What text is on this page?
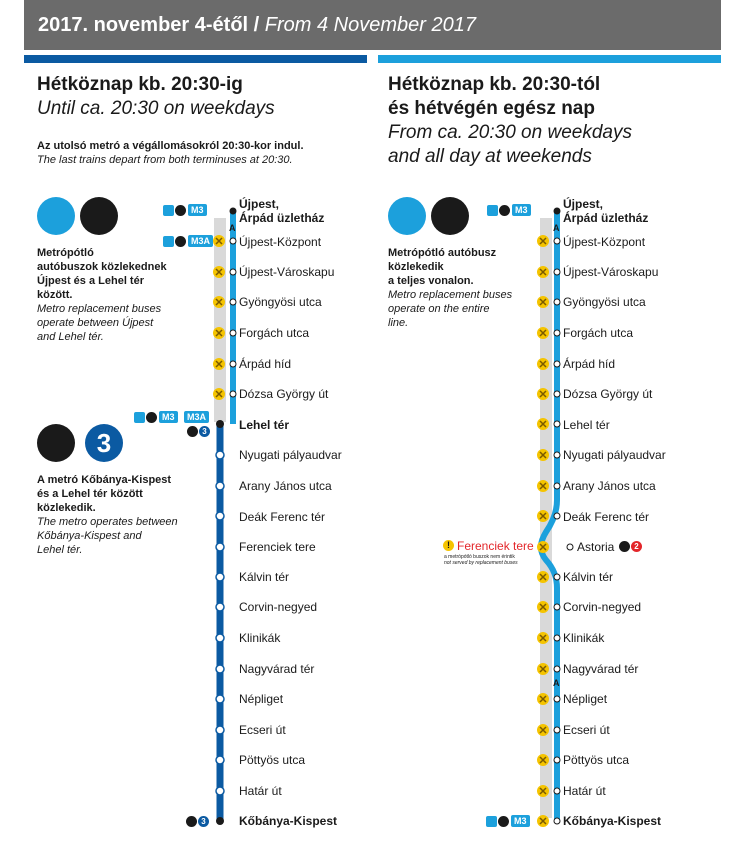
2017. november 4-étől / From 4 November 2017
Hétköznap kb. 20:30-ig
Until ca. 20:30 on weekdays
Az utolsó metró a végállomásokról 20:30-kor indul.
The last trains depart from both terminuses at 20:30.
Hétköznap kb. 20:30-tól
és hétvégén egész nap
From ca. 20:30 on weekdays
and all day at weekends
Metrópótló
autóbuszok közlekednek
Újpest és a Lehel tér
között.
Metro replacement buses
operate between Újpest
and Lehel tér.
3
A metró Kőbánya-Kispest
és a Lehel tér között
közlekedik.
The metro operates between
Kőbánya-Kispest and
Lehel tér.
Metrópótló autóbusz
közlekedik
a teljes vonalon.
Metro replacement buses
operate on the entire
line.
Újpest,
Árpád üzletház
Újpest-Központ
Újpest-Városkapu
Gyöngyösi utca
Forgách utca
Árpád híd
Dózsa György út
Lehel tér
Nyugati pályaudvar
Arany János utca
Deák Ferenc tér
Ferenciek tere
Kálvin tér
Corvin-negyed
Klinikák
Nagyvárad tér
Népliget
Ecseri út
Pöttyös utca
Határ út
Kőbánya-Kispest
M3
M3A
A
M3	M3A
3
3
Újpest,
Árpád üzletház
Újpest-Központ
Újpest-Városkapu
Gyöngyösi utca
Forgách utca
Árpád híd
Dózsa György út
Lehel tér
Nyugati pályaudvar
Arany János utca
Deák Ferenc tér
Astoria	2
Kálvin tér
Corvin-negyed
Klinikák
Nagyvárad tér
Népliget
Ecseri út
Pöttyös utca
Határ út
Kőbánya-Kispest
M3
M3
A
A
! Ferenciek tere
a metrópótló buszok nem érintik
not served by replacement buses
